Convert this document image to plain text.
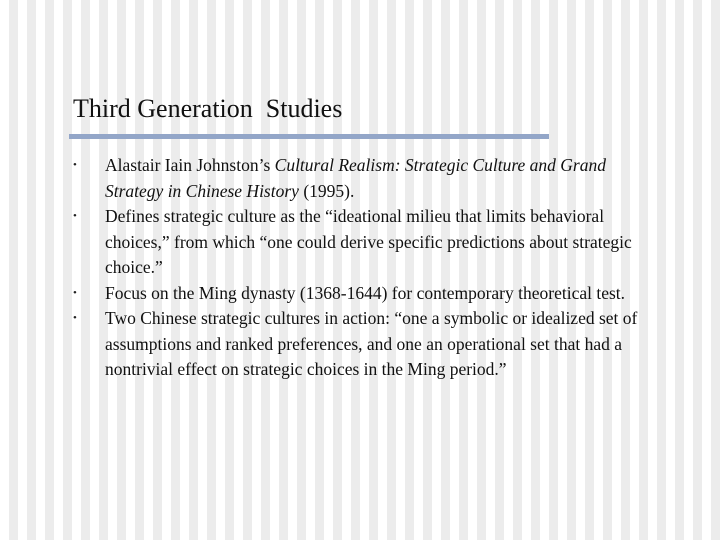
Third Generation  Studies
• Alastair Iain Johnston’s Cultural Realism: Strategic Culture and Grand Strategy in Chinese History (1995).
• Defines strategic culture as the “ideational milieu that limits behavioral choices,” from which “one could derive specific predictions about strategic choice.”
• Focus on the Ming dynasty (1368-1644) for contemporary theoretical test.
• Two Chinese strategic cultures in action: “one a symbolic or idealized set of assumptions and ranked preferences, and one an operational set that had a nontrivial effect on strategic choices in the Ming period.”
